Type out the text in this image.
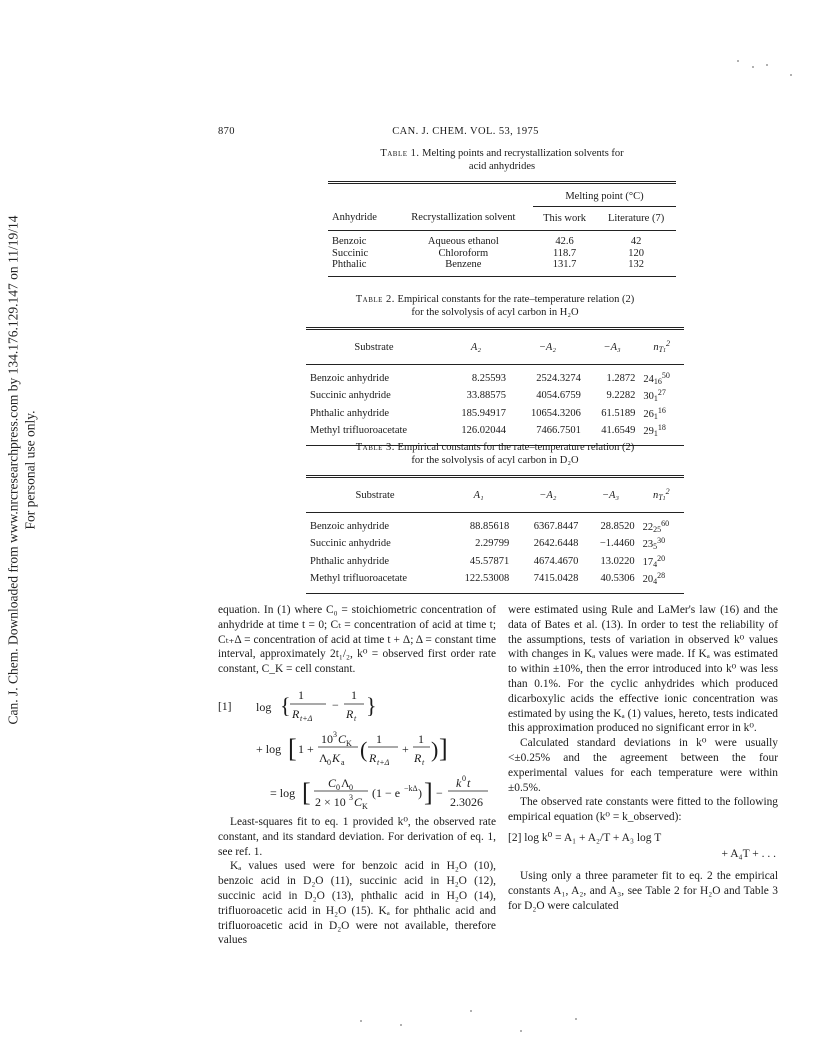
Can. J. Chem. Downloaded from www.nrcresearchpress.com by 134.176.129.147 on 11/19/14 For personal use only.
870	CAN. J. CHEM. VOL. 53, 1975
Table 1. Melting points and recrystallization solvents for
acid anhydrides

		Melting point (°C)	
Anhydride	Recrystallization solvent	This work	Literature (7)
Benzoic	Aqueous ethanol	42.6	42
Succinic	Chloroform	118.7	120
Phthalic	Benzene	131.7	132
Table 2. Empirical constants for the rate–temperature relation (2)
for the solvolysis of acyl carbon in H₂O

Substrate	A₂	−A₂	−A₃	$n_{T1}^2$
Benzoic anhydride	8.25593	2524.3274	1.2872	$24_{16}^{50}$
Succinic anhydride	33.88575	4054.6759	9.2282	$30_1^{27}$
Phthalic anhydride	185.94917	10654.3206	61.5189	$26_1^{16}$
Methyl trifluoroacetate	126.02044	7466.7501	41.6549	$29_1^{18}$
Table 3. Empirical constants for the rate–temperature relation (2)
for the solvolysis of acyl carbon in D₂O

Substrate	A₁	−A₂	−A₃	$n_{T1}^2$
Benzoic anhydride	88.85618	6367.8447	28.8520	$22_{25}^{60}$
Succinic anhydride	2.29799	2642.6448	−1.4460	$23_5^{30}$
Phthalic anhydride	45.57871	4674.4670	13.0220	$17_4^{20}$
Methyl trifluoroacetate	122.53008	7415.0428	40.5306	$20_4^{28}$

equation. In (1) where C₀ = stoichiometric concentration of anhydride at time t = 0; Cₜ = concentration of acid at time t; Cₜ₊Δ = concentration of acid at time t + Δ; Δ = constant time interval, approximately 2t₁/₂, k⁰ = observed first order rate constant, C_K = cell constant.

[1] log { 1
R t+Δ
−
1
R t
}
+ log [ 1 +
10 3 C K
Λ 0 K a
( 1
R t+Δ
+
1
R t
) ]
= log [ C 0 Λ 0
2 × 10 3 C K
(1 − e −kΔ ) ] −
k 0 t
2.3026

Least-squares fit to eq. 1 provided k⁰, the observed rate constant, and its standard deviation. For derivation of eq. 1, see ref. 1.

Kₐ values used were for benzoic acid in H₂O (10), benzoic acid in D₂O (11), succinic acid in H₂O (12), succinic acid in D₂O (13), phthalic acid in H₂O (14), trifluoroacetic acid in H₂O (15). Kₐ for phthalic acid and trifluoroacetic acid in D₂O were not available, therefore values

were estimated using Rule and LaMer's law (16) and the data of Bates et al. (13). In order to test the reliability of the assumptions, tests of variation in observed k⁰ values with changes in Kₐ values were made. If Kₐ was estimated to within ±10%, then the error introduced into k⁰ was less than 0.1%. For the cyclic anhydrides which produced dicarboxylic acids the effective ionic concentration was estimated by using the Kₐ (1) values, hereto, tests indicated this approximation produced no significant error in k⁰.

Calculated standard deviations in k⁰ were usually <±0.25% and the agreement between the four experimental values for each temperature were within ±0.5%.

The observed rate constants were fitted to the following empirical equation (k⁰ = k_observed):

[2] log k⁰ = A₁ + A₂/T + A₃ log T
+ A₄T + . . .

Using only a three parameter fit to eq. 2 the empirical constants A₁, A₂, and A₃, see Table 2 for H₂O and Table 3 for D₂O were calculated
